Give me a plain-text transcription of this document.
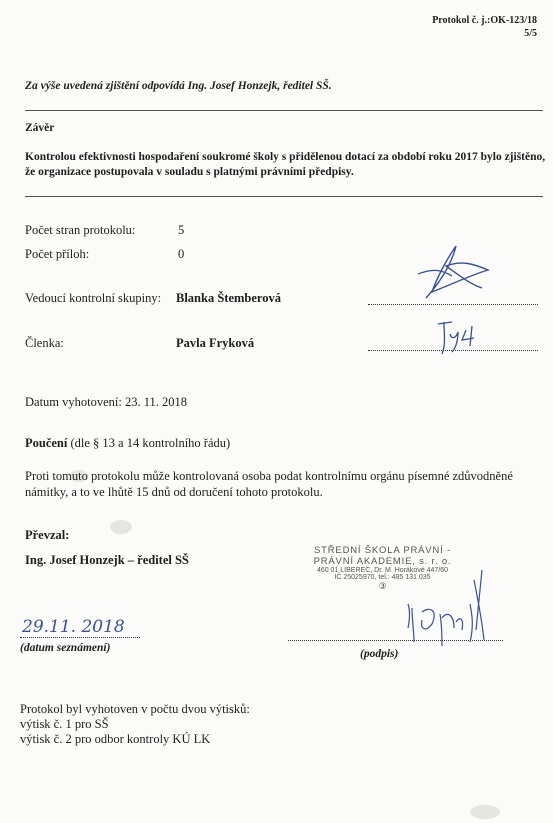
Protokol č. j.:OK-123/18
5/5
Za výše uvedená zjištění odpovídá Ing. Josef Honzejk, ředitel SŠ.
Závěr
Kontrolou efektivnosti hospodaření soukromé školy s přidělenou dotací za období roku 2017 bylo zjištěno, že organizace postupovala v souladu s platnými právními předpisy.
Počet stran protokolu:	5
Počet příloh:	0
Vedoucí kontrolní skupiny: Blanka Štemberová
Členka:	Pavla Fryková
Datum vyhotovení: 23. 11. 2018
Poučení (dle § 13 a 14 kontrolního řádu)
Proti tomuto protokolu může kontrolovaná osoba podat kontrolnímu orgánu písemné zdůvodněné námitky, a to ve lhůtě 15 dnů od doručení tohoto protokolu.
Převzal:
Ing. Josef Honzejk – ředitel SŠ
STŘEDNÍ ŠKOLA PRÁVNÍ -
PRÁVNÍ AKADEMIE, s. r. o.
460 01 LIBEREC, Dr. M. Horákové 447/60
IČ 25025970, tel.: 485 131 035
③
29.11. 2018
(datum seznámení)	(podpis)
Protokol byl vyhotoven v počtu dvou výtisků:
výtisk č. 1 pro SŠ
výtisk č. 2 pro odbor kontroly KÚ LK
